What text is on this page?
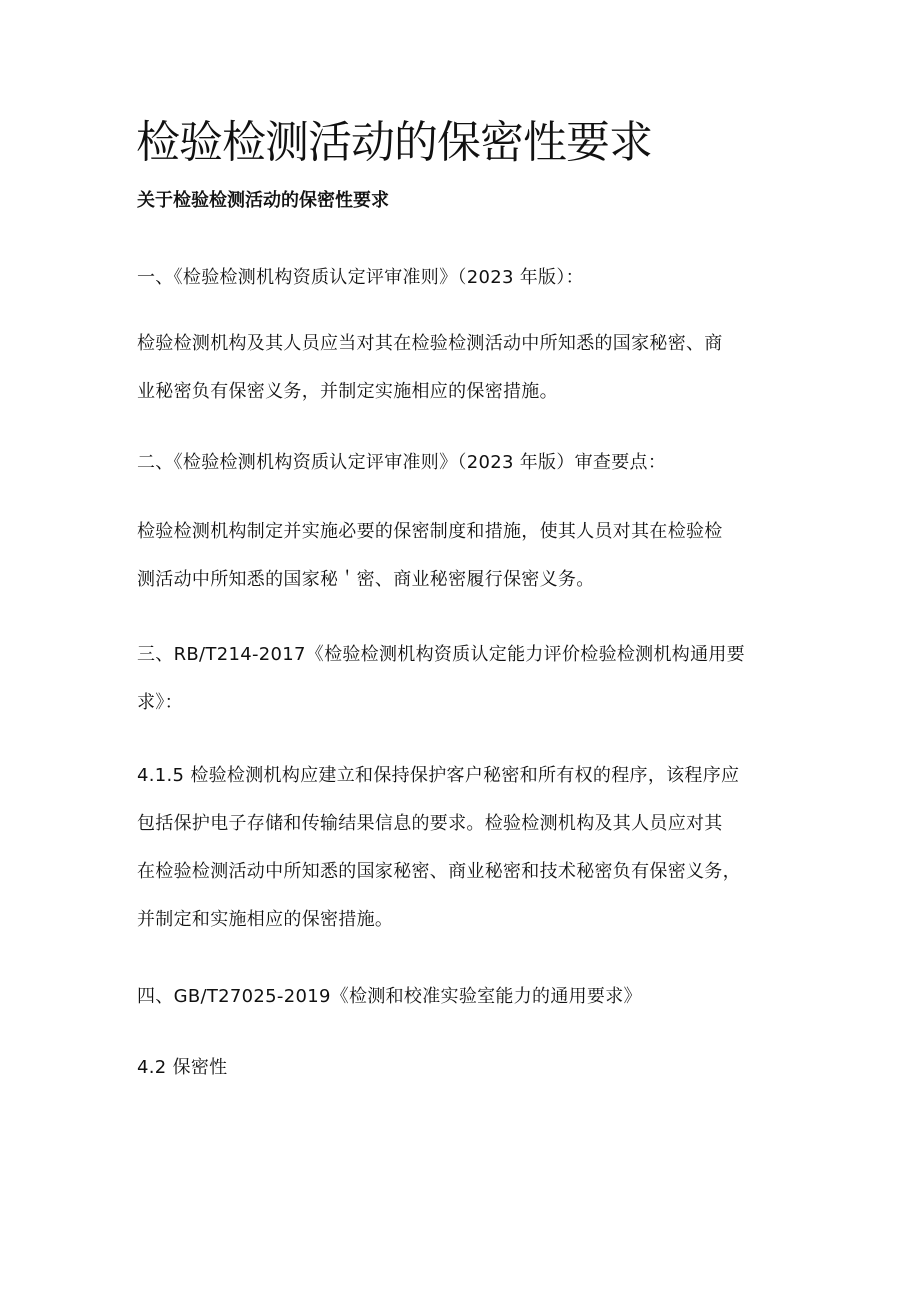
检验检测活动的保密性要求

关于检验检测活动的保密性要求

一、《检验检测机构资质认定评审准则》（2023 年版）：

检验检测机构及其人员应当对其在检验检测活动中所知悉的国家秘密、商
业秘密负有保密义务，并制定实施相应的保密措施。

二、《检验检测机构资质认定评审准则》（2023 年版）审查要点：

检验检测机构制定并实施必要的保密制度和措施，使其人员对其在检验检
测活动中所知悉的国家秘＇密、商业秘密履行保密义务。

三、RB/T214-2017《检验检测机构资质认定能力评价检验检测机构通用要
求》：

4.1.5 检验检测机构应建立和保持保护客户秘密和所有权的程序，该程序应
包括保护电子存储和传输结果信息的要求。检验检测机构及其人员应对其
在检验检测活动中所知悉的国家秘密、商业秘密和技术秘密负有保密义务，
并制定和实施相应的保密措施。

四、GB/T27025-2019《检测和校准实验室能力的通用要求》

4.2 保密性
